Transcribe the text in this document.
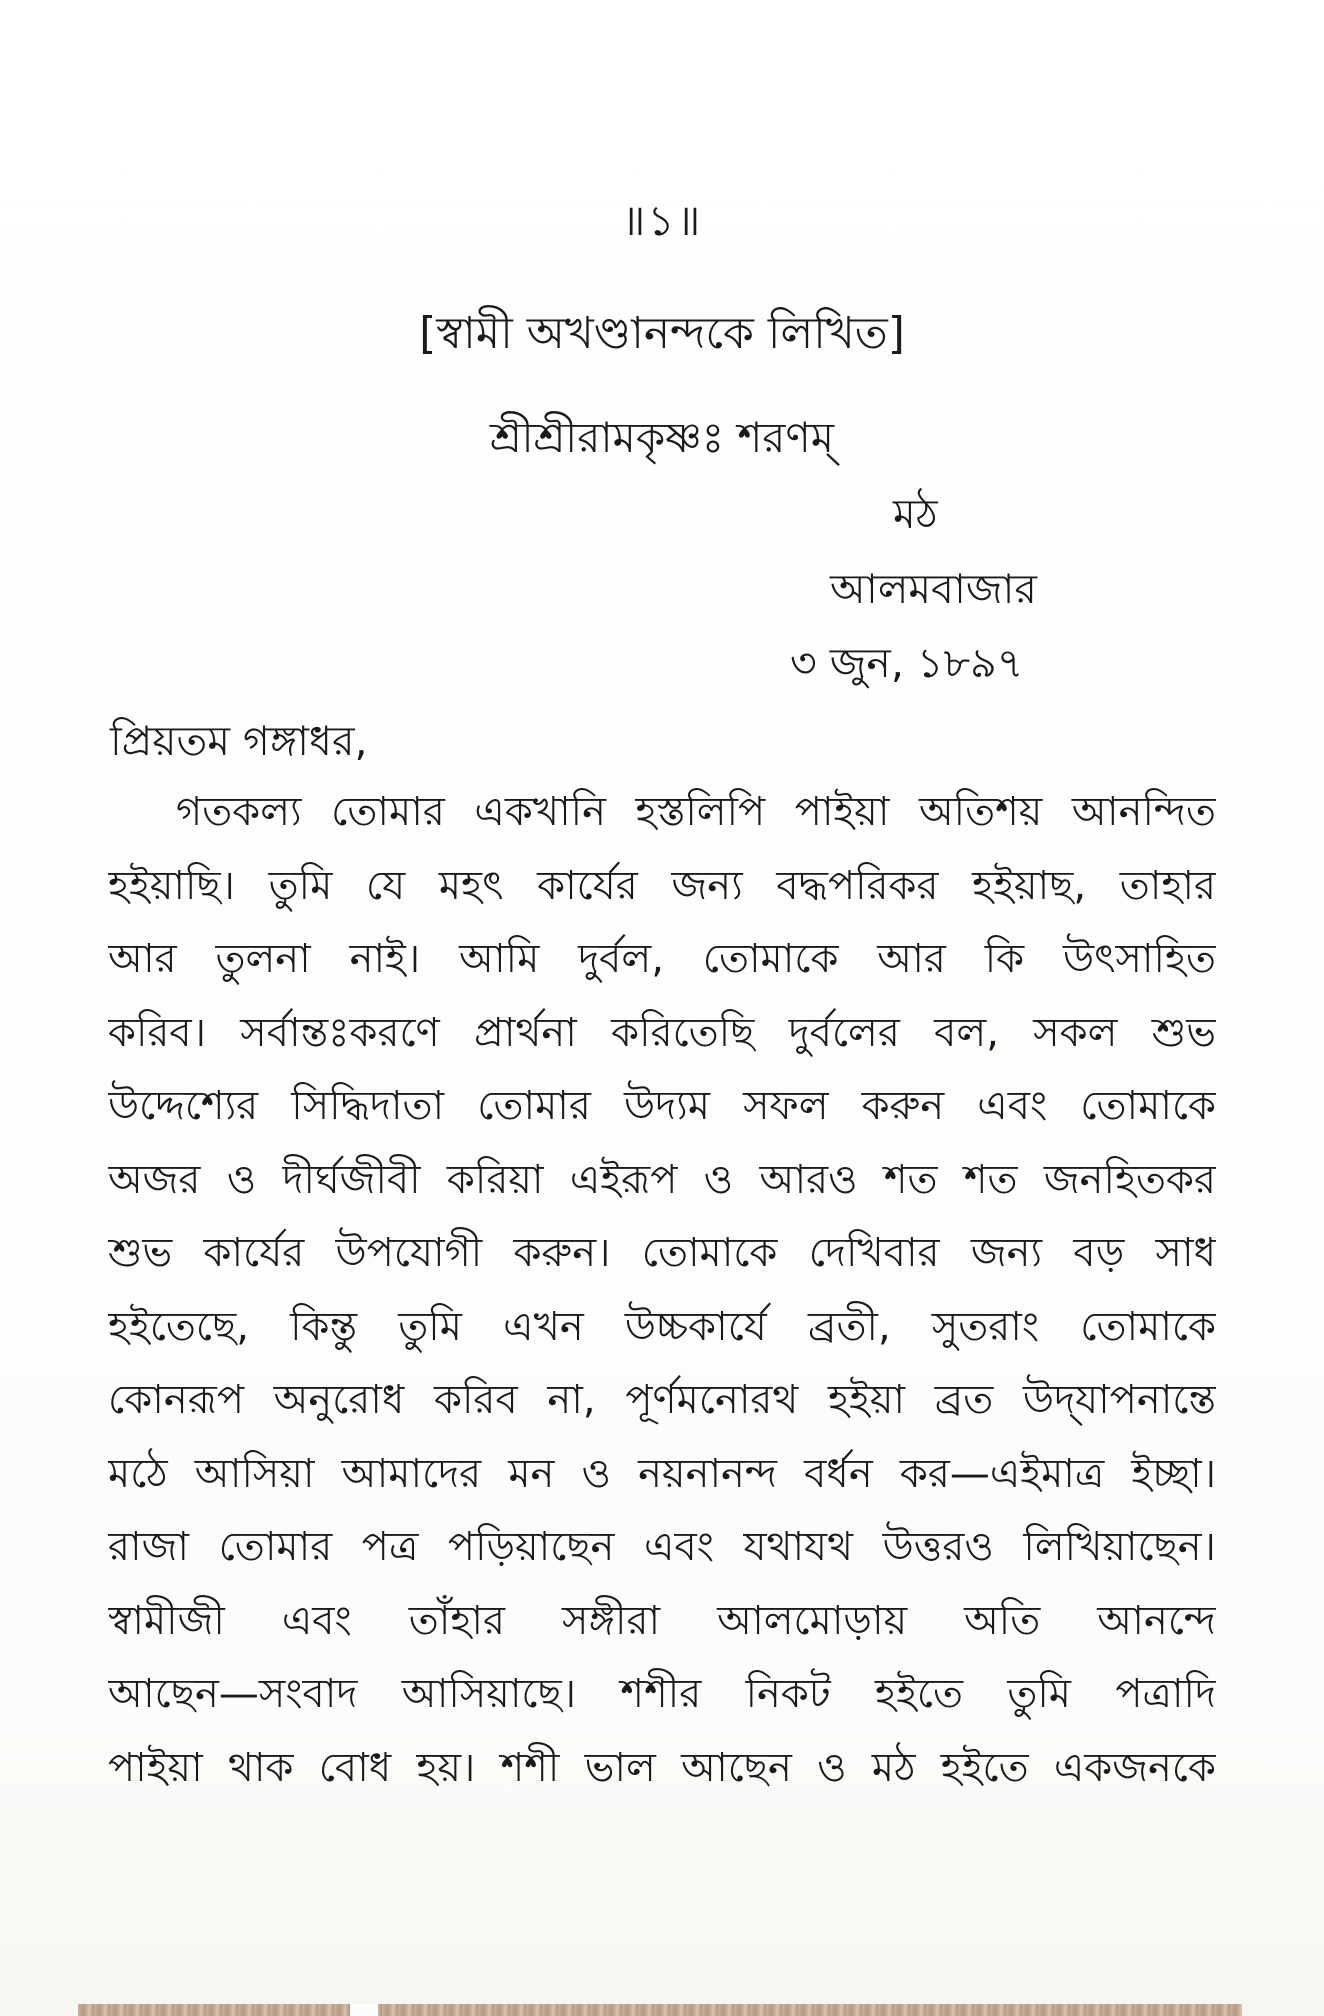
॥১॥

[স্বামী অখণ্ডানন্দকে লিখিত]

শ্রীশ্রীরামকৃষ্ণঃ শরণম্

মঠ

আলমবাজার

৩ জুন, ১৮৯৭

প্রিয়তম গঙ্গাধর,

গতকল্য তোমার একখানি হস্তলিপি পাইয়া অতিশয় আনন্দিত
হইয়াছি। তুমি যে মহৎ কার্যের জন্য বদ্ধপরিকর হইয়াছ, তাহার
আর তুলনা নাই। আমি দুর্বল, তোমাকে আর কি উৎসাহিত
করিব। সর্বান্তঃকরণে প্রার্থনা করিতেছি দুর্বলের বল, সকল শুভ
উদ্দেশ্যের সিদ্ধিদাতা তোমার উদ্যম সফল করুন এবং তোমাকে
অজর ও দীর্ঘজীবী করিয়া এইরূপ ও আরও শত শত জনহিতকর
শুভ কার্যের উপযোগী করুন। তোমাকে দেখিবার জন্য বড় সাধ
হইতেছে, কিন্তু তুমি এখন উচ্চকার্যে ব্রতী, সুতরাং তোমাকে
কোনরূপ অনুরোধ করিব না, পূর্ণমনোরথ হইয়া ব্রত উদ্‌যাপনান্তে
মঠে আসিয়া আমাদের মন ও নয়নানন্দ বর্ধন কর—এইমাত্র ইচ্ছা।
রাজা তোমার পত্র পড়িয়াছেন এবং যথাযথ উত্তরও লিখিয়াছেন।
স্বামীজী এবং তাঁহার সঙ্গীরা আলমোড়ায় অতি আনন্দে
আছেন—সংবাদ আসিয়াছে। শশীর নিকট হইতে তুমি পত্রাদি
পাইয়া থাক বোধ হয়। শশী ভাল আছেন ও মঠ হইতে একজনকে
